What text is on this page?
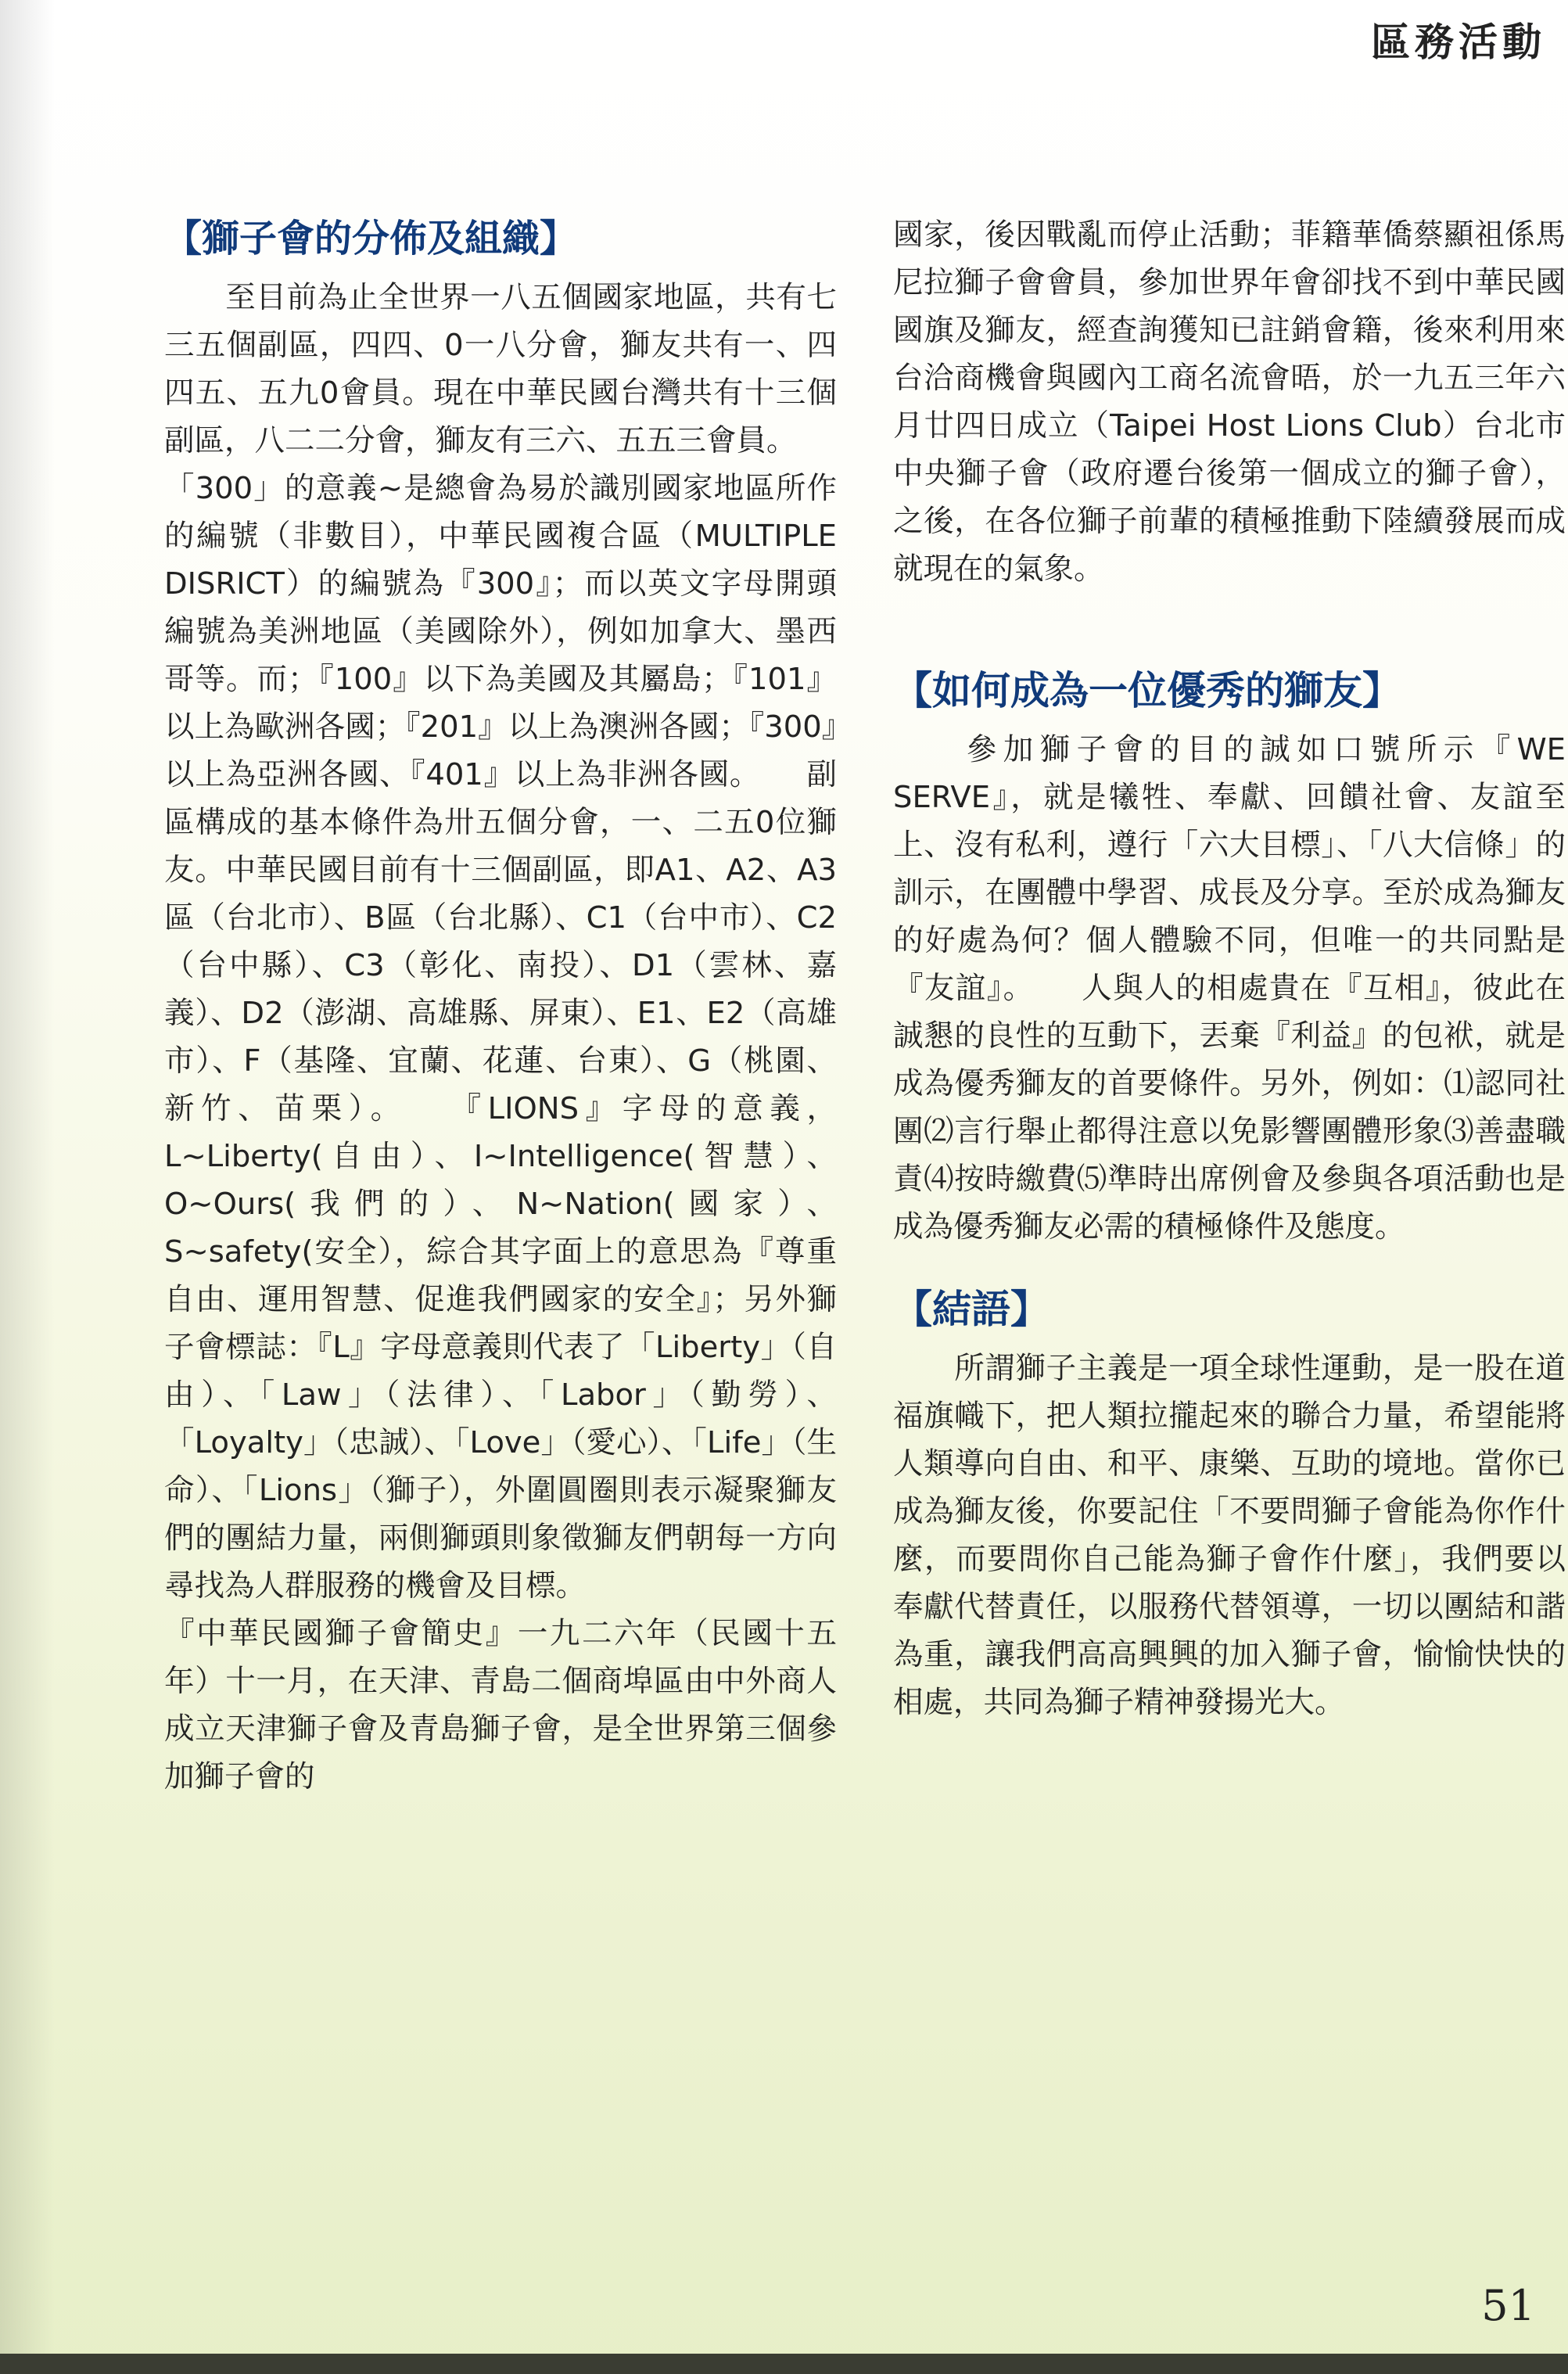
區務活動
【獅子會的分佈及組織】

　　至目前為止全世界一八五個國家地區，共有七三五個副區，四四、0一八分會，獅友共有一、四四五、五九0會員。現在中華民國台灣共有十三個副區，八二二分會，獅友有三六、五五三會員。

「300」的意義∼是總會為易於識別國家地區所作的編號（非數目），中華民國複合區（MULTIPLE DISRICT）的編號為『300』；而以英文字母開頭編號為美洲地區（美國除外），例如加拿大、墨西哥等。而；『100』以下為美國及其屬島；『101』以上為歐洲各國；『201』以上為澳洲各國；『300』以上為亞洲各國、『401』以上為非洲各國。　　副區構成的基本條件為卅五個分會，一、二五0位獅友。中華民國目前有十三個副區，即A1、A2、A3區（台北市）、B區（台北縣）、C1（台中市）、C2（台中縣）、C3（彰化、南投）、D1（雲林、嘉義）、D2（澎湖、高雄縣、屏東）、E1、E2（高雄市）、F（基隆、宜蘭、花蓮、台東）、G（桃園、新竹、苗栗）。　　『LIONS』字母的意義，L∼Liberty(自由）、I∼Intelligence(智慧）、O∼Ours(我們的）、N∼Nation(國家）、S∼safety(安全），綜合其字面上的意思為『尊重自由、運用智慧、促進我們國家的安全』；另外獅子會標誌：『L』字母意義則代表了「Liberty」（自由）、「Law」（法律）、「Labor」（勤勞）、「Loyalty」（忠誠）、「Love」（愛心）、「Life」（生命）、「Lions」（獅子），外圍圓圈則表示凝聚獅友們的團結力量，兩側獅頭則象徵獅友們朝每一方向尋找為人群服務的機會及目標。

『中華民國獅子會簡史』一九二六年（民國十五年）十一月，在天津、青島二個商埠區由中外商人成立天津獅子會及青島獅子會，是全世界第三個參加獅子會的

國家，後因戰亂而停止活動；菲籍華僑蔡顯祖係馬尼拉獅子會會員，參加世界年會卻找不到中華民國國旗及獅友，經查詢獲知已註銷會籍，後來利用來台洽商機會與國內工商名流會晤，於一九五三年六月廿四日成立（Taipei Host Lions Club）台北市中央獅子會（政府遷台後第一個成立的獅子會），之後，在各位獅子前輩的積極推動下陸續發展而成就現在的氣象。

【如何成為一位優秀的獅友】

　　參加獅子會的目的誠如口號所示『WE SERVE』，就是犧牲、奉獻、回饋社會、友誼至上、沒有私利，遵行「六大目標」、「八大信條」的訓示，在團體中學習、成長及分享。至於成為獅友的好處為何？個人體驗不同，但唯一的共同點是『友誼』。　　人與人的相處貴在『互相』，彼此在誠懇的良性的互動下，丟棄『利益』的包袱，就是成為優秀獅友的首要條件。另外，例如：⑴認同社團⑵言行舉止都得注意以免影響團體形象⑶善盡職責⑷按時繳費⑸準時出席例會及參與各項活動也是成為優秀獅友必需的積極條件及態度。

【結語】

　　所謂獅子主義是一項全球性運動，是一股在道福旗幟下，把人類拉攏起來的聯合力量，希望能將人類導向自由、和平、康樂、互助的境地。當你已成為獅友後，你要記住「不要問獅子會能為你作什麼，而要問你自己能為獅子會作什麼」，我們要以奉獻代替責任，以服務代替領導，一切以團結和諧為重，讓我們高高興興的加入獅子會，愉愉快快的相處，共同為獅子精神發揚光大。

51
